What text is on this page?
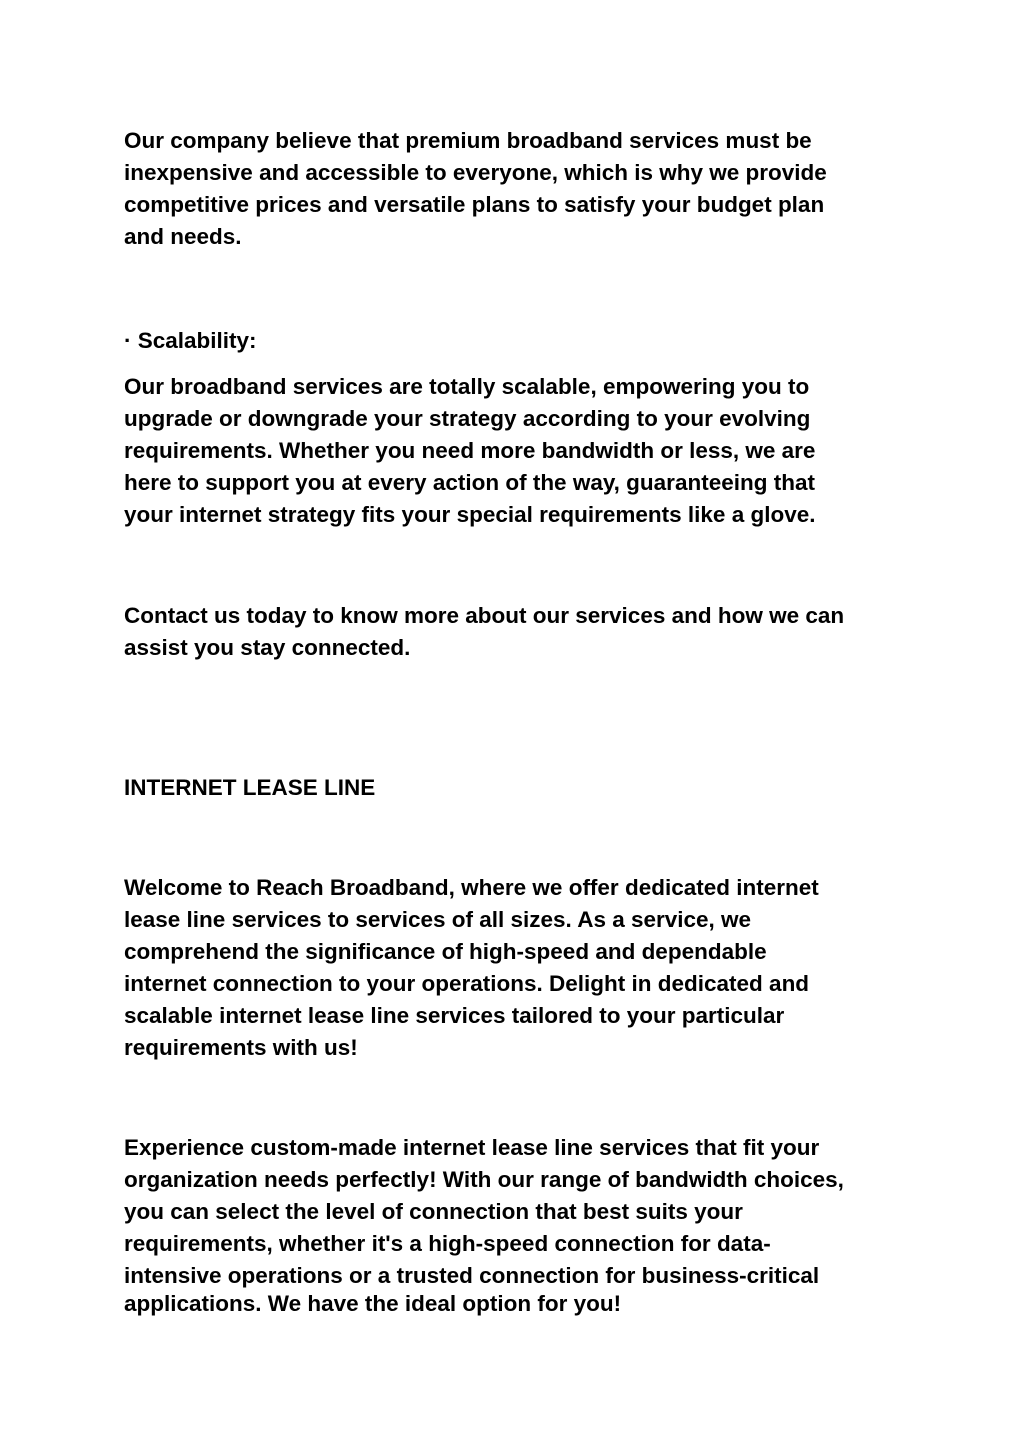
Our company believe that premium broadband services must be
inexpensive and accessible to everyone, which is why we provide
competitive prices and versatile plans to satisfy your budget plan
and needs.

· Scalability:

Our broadband services are totally scalable, empowering you to
upgrade or downgrade your strategy according to your evolving
requirements. Whether you need more bandwidth or less, we are
here to support you at every action of the way, guaranteeing that
your internet strategy fits your special requirements like a glove.

Contact us today to know more about our services and how we can
assist you stay connected.

INTERNET LEASE LINE

Welcome to Reach Broadband, where we offer dedicated internet
lease line services to services of all sizes. As a service, we
comprehend the significance of high-speed and dependable
internet connection to your operations. Delight in dedicated and
scalable internet lease line services tailored to your particular
requirements with us!

Experience custom-made internet lease line services that fit your
organization needs perfectly! With our range of bandwidth choices,
you can select the level of connection that best suits your
requirements, whether it's a high-speed connection for data-
intensive operations or a trusted connection for business-critical
applications. We have the ideal option for you!
